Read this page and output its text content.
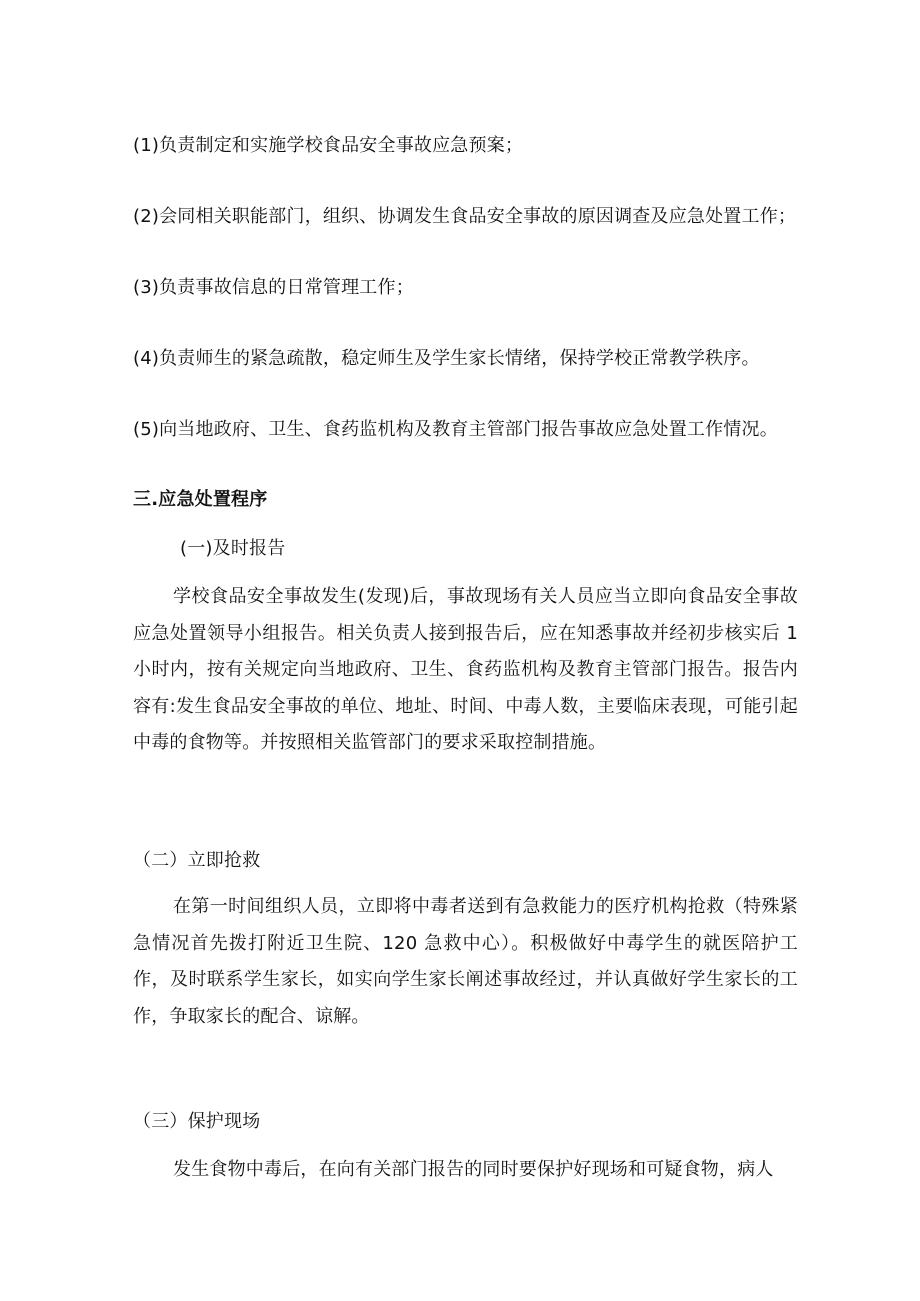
(1)负责制定和实施学校食品安全事故应急预案；
(2)会同相关职能部门，组织、协调发生食品安全事故的原因调查及应急处置工作；
(3)负责事故信息的日常管理工作；
(4)负责师生的紧急疏散，稳定师生及学生家长情绪，保持学校正常教学秩序。
(5)向当地政府、卫生、食药监机构及教育主管部门报告事故应急处置工作情况。
三.应急处置程序
(一)及时报告
学校食品安全事故发生(发现)后，事故现场有关人员应当立即向食品安全事故应急处置领导小组报告。相关负责人接到报告后，应在知悉事故并经初步核实后 1 小时内，按有关规定向当地政府、卫生、食药监机构及教育主管部门报告。报告内容有:发生食品安全事故的单位、地址、时间、中毒人数，主要临床表现，可能引起中毒的食物等。并按照相关监管部门的要求采取控制措施。
（二）立即抢救
在第一时间组织人员，立即将中毒者送到有急救能力的医疗机构抢救（特殊紧急情况首先拨打附近卫生院、120 急救中心）。积极做好中毒学生的就医陪护工作，及时联系学生家长，如实向学生家长阐述事故经过，并认真做好学生家长的工作，争取家长的配合、谅解。
（三）保护现场
发生食物中毒后，在向有关部门报告的同时要保护好现场和可疑食物，病人
